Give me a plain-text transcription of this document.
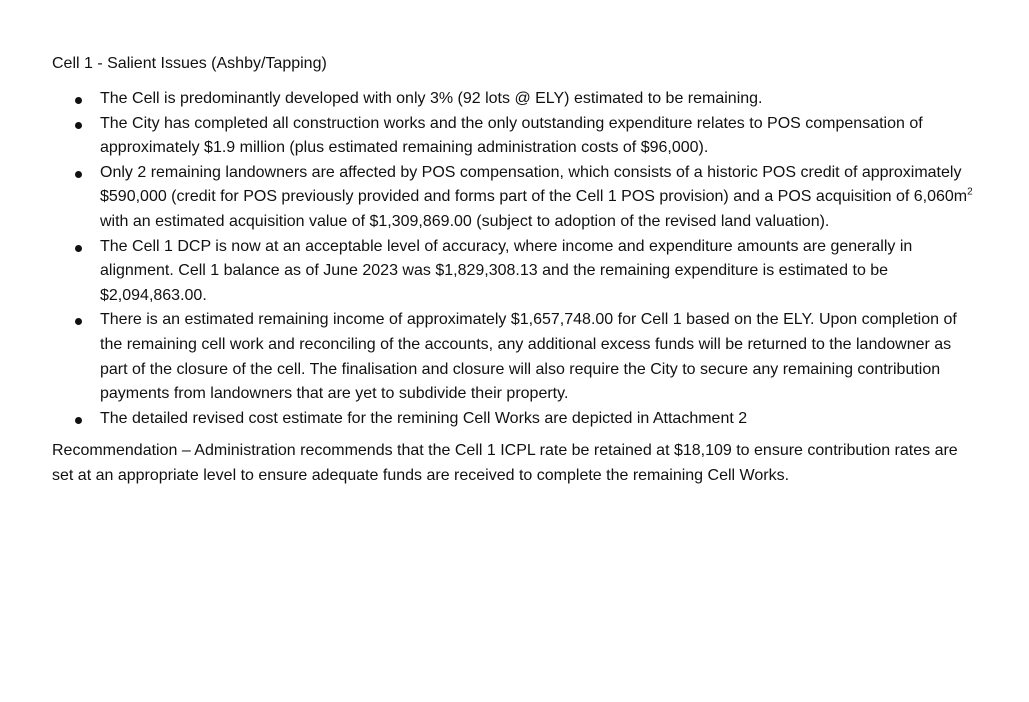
Cell 1 - Salient Issues (Ashby/Tapping)

The Cell is predominantly developed with only 3% (92 lots @ ELY) estimated to be remaining.
The City has completed all construction works and the only outstanding expenditure relates to POS compensation of approximately $1.9 million (plus estimated remaining administration costs of $96,000).
Only 2 remaining landowners are affected by POS compensation, which consists of a historic POS credit of approximately $590,000 (credit for POS previously provided and forms part of the Cell 1 POS provision) and a POS acquisition of $6,060m^2$ with an estimated acquisition value of $1,309,869.00 (subject to adoption of the revised land valuation).
The Cell 1 DCP is now at an acceptable level of accuracy, where income and expenditure amounts are generally in alignment. Cell 1 balance as of June 2023 was $1,829,308.13 and the remaining expenditure is estimated to be $2,094,863.00.
There is an estimated remaining income of approximately $1,657,748.00 for Cell 1 based on the ELY. Upon completion of the remaining cell work and reconciling of the accounts, any additional excess funds will be returned to the landowner as part of the closure of the cell. The finalisation and closure will also require the City to secure any remaining contribution payments from landowners that are yet to subdivide their property.
The detailed revised cost estimate for the remining Cell Works are depicted in Attachment 2

Recommendation – Administration recommends that the Cell 1 ICPL rate be retained at $18,109 to ensure contribution rates are set at an appropriate level to ensure adequate funds are received to complete the remaining Cell Works.
